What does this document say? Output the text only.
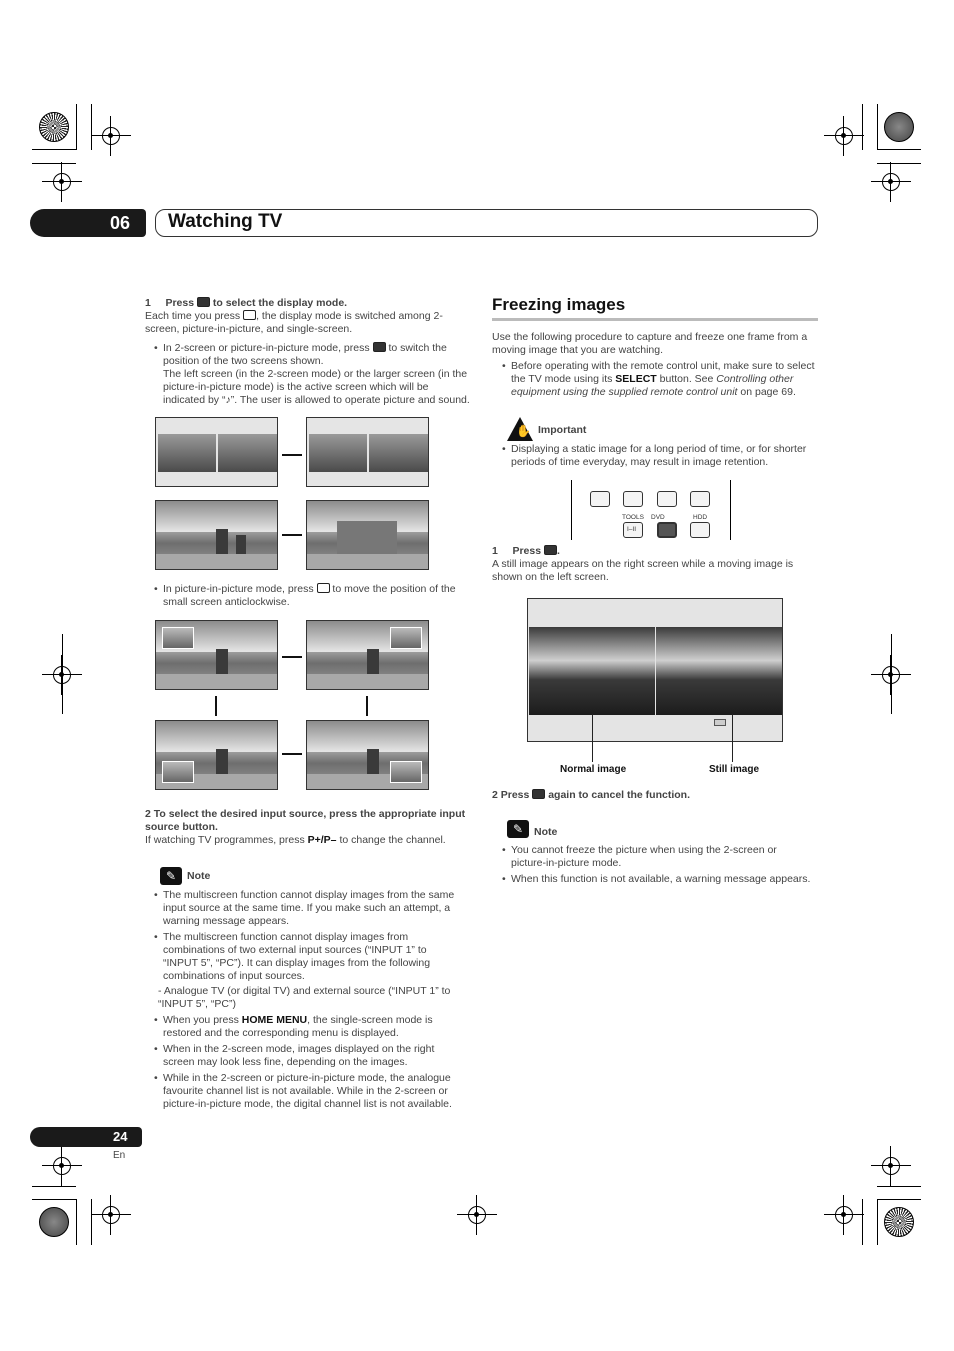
06 Watching TV
1 Press to select the display mode.
Each time you press , the display mode is switched among 2-screen, picture-in-picture, and single-screen.
• In 2-screen or picture-in-picture mode, press to switch the position of the two screens shown.
The left screen (in the 2-screen mode) or the larger screen (in the picture-in-picture mode) is the active screen which will be indicated by “♪”. The user is allowed to operate picture and sound.
• In picture-in-picture mode, press to move the position of the small screen anticlockwise.
2 To select the desired input source, press the appropriate input source button.
If watching TV programmes, press P+/P– to change the channel.
✎	Note
• The multiscreen function cannot display images from the same input source at the same time. If you make such an attempt, a warning message appears.
• The multiscreen function cannot display images from combinations of two external input sources (“INPUT 1” to “INPUT 5”, “PC”). It can display images from the following combinations of input sources.
- Analogue TV (or digital TV) and external source (“INPUT 1” to “INPUT 5”, “PC”)
• When you press HOME MENU, the single-screen mode is restored and the corresponding menu is displayed.
• When in the 2-screen mode, images displayed on the right screen may look less fine, depending on the images.
• While in the 2-screen or picture-in-picture mode, the analogue favourite channel list is not available. While in the 2-screen or picture-in-picture mode, the digital channel list is not available.
Freezing images
Use the following procedure to capture and freeze one frame from a moving image that you are watching.
• Before operating with the remote control unit, make sure to select the TV mode using its SELECT button. See Controlling other equipment using the supplied remote control unit on page 69.
✋ Important
• Displaying a static image for a long period of time, or for shorter periods of time everyday, may result in image retention.
TOOLS DVD	HDD
I–II
1 Press .
A still image appears on the right screen while a moving image is shown on the left screen.
Normal image	Still image
2 Press again to cancel the function.
✎	Note
• You cannot freeze the picture when using the 2-screen or picture-in-picture mode.
• When this function is not available, a warning message appears.
24
En
